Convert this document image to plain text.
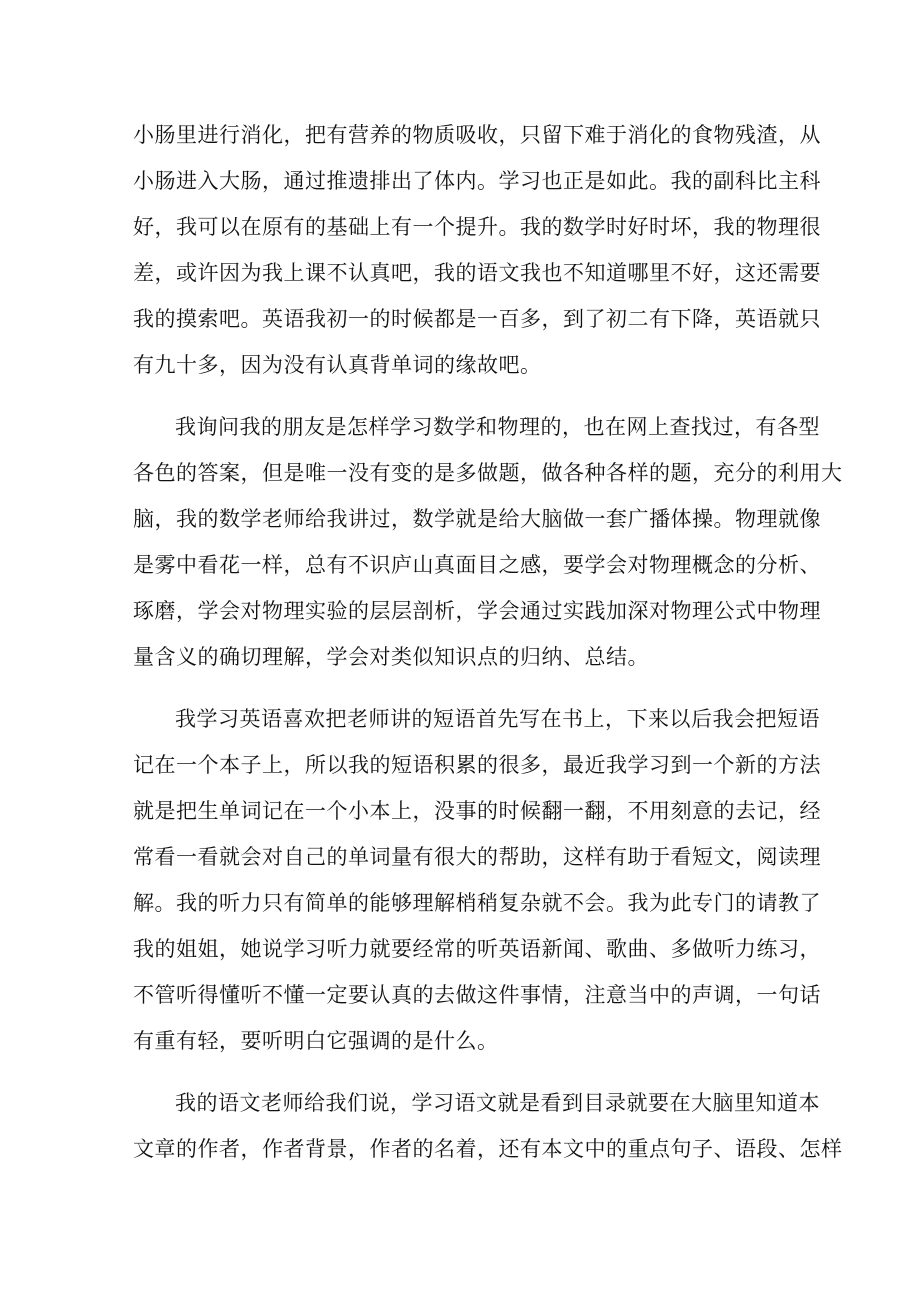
小肠里进行消化，把有营养的物质吸收，只留下难于消化的食物残渣，从
小肠进入大肠，通过推遗排出了体内。学习也正是如此。我的副科比主科
好，我可以在原有的基础上有一个提升。我的数学时好时坏，我的物理很
差，或许因为我上课不认真吧，我的语文我也不知道哪里不好，这还需要
我的摸索吧。英语我初一的时候都是一百多，到了初二有下降，英语就只
有九十多，因为没有认真背单词的缘故吧。

我询问我的朋友是怎样学习数学和物理的，也在网上查找过，有各型
各色的答案，但是唯一没有变的是多做题，做各种各样的题，充分的利用大
脑，我的数学老师给我讲过，数学就是给大脑做一套广播体操。物理就像
是雾中看花一样，总有不识庐山真面目之感，要学会对物理概念的分析、
琢磨，学会对物理实验的层层剖析，学会通过实践加深对物理公式中物理
量含义的确切理解，学会对类似知识点的归纳、总结。

我学习英语喜欢把老师讲的短语首先写在书上，下来以后我会把短语
记在一个本子上，所以我的短语积累的很多，最近我学习到一个新的方法
就是把生单词记在一个小本上，没事的时候翻一翻，不用刻意的去记，经
常看一看就会对自己的单词量有很大的帮助，这样有助于看短文，阅读理
解。我的听力只有简单的能够理解梢稍复杂就不会。我为此专门的请教了
我的姐姐，她说学习听力就要经常的听英语新闻、歌曲、多做听力练习，
不管听得懂听不懂一定要认真的去做这件事情，注意当中的声调，一句话
有重有轻，要听明白它强调的是什么。

我的语文老师给我们说，学习语文就是看到目录就要在大脑里知道本
文章的作者，作者背景，作者的名着，还有本文中的重点句子、语段、怎样
